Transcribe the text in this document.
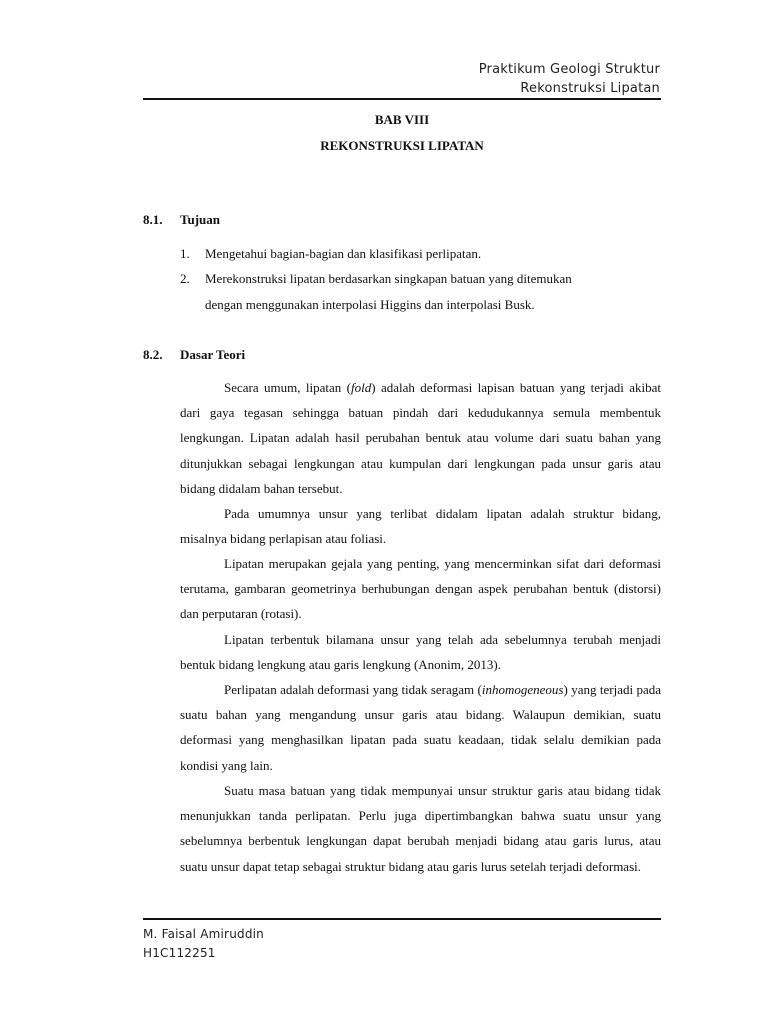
Praktikum Geologi Struktur
Rekonstruksi Lipatan
BAB VIII
REKONSTRUKSI LIPATAN
8.1. Tujuan
1. Mengetahui bagian-bagian dan klasifikasi perlipatan.
2. Merekonstruksi lipatan berdasarkan singkapan batuan yang ditemukan
dengan menggunakan interpolasi Higgins dan interpolasi Busk.
8.2. Dasar Teori
Secara umum, lipatan (fold) adalah deformasi lapisan batuan yang terjadi akibat dari gaya tegasan sehingga batuan pindah dari kedudukannya semula membentuk lengkungan. Lipatan adalah hasil perubahan bentuk atau volume dari suatu bahan yang ditunjukkan sebagai lengkungan atau kumpulan dari lengkungan pada unsur garis atau bidang didalam bahan tersebut.
Pada umumnya unsur yang terlibat didalam lipatan adalah struktur bidang, misalnya bidang perlapisan atau foliasi.
Lipatan merupakan gejala yang penting, yang mencerminkan sifat dari deformasi terutama, gambaran geometrinya berhubungan dengan aspek perubahan bentuk (distorsi) dan perputaran (rotasi).
Lipatan terbentuk bilamana unsur yang telah ada sebelumnya terubah menjadi bentuk bidang lengkung atau garis lengkung (Anonim, 2013).
Perlipatan adalah deformasi yang tidak seragam (inhomogeneous) yang terjadi pada suatu bahan yang mengandung unsur garis atau bidang. Walaupun demikian, suatu deformasi yang menghasilkan lipatan pada suatu keadaan, tidak selalu demikian pada kondisi yang lain.
Suatu masa batuan yang tidak mempunyai unsur struktur garis atau bidang tidak menunjukkan tanda perlipatan. Perlu juga dipertimbangkan bahwa suatu unsur yang sebelumnya berbentuk lengkungan dapat berubah menjadi bidang atau garis lurus, atau suatu unsur dapat tetap sebagai struktur bidang atau garis lurus setelah terjadi deformasi.
M. Faisal Amiruddin
H1C112251
